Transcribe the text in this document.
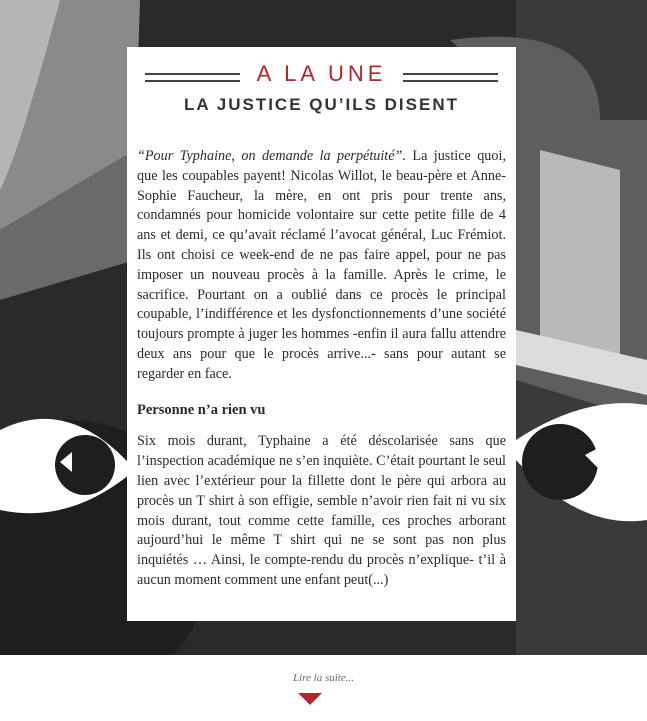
A LA UNE
LA JUSTICE QU’ILS DISENT

“Pour Typhaine, on demande la perpétuité”. La justice quoi, que les coupables payent! Nicolas Willot, le beau-père et Anne-Sophie Faucheur, la mère, en ont pris pour trente ans, condamnés pour homicide volontaire sur cette petite fille de 4 ans et demi, ce qu’avait réclamé l’avocat général, Luc Frémiot. Ils ont choisi ce week-end de ne pas faire appel, pour ne pas imposer un nouveau procès à la famille. Après le crime, le sacrifice. Pourtant on a oublié dans ce procès le principal coupable, l’indifférence et les dysfonctionnements d’une société toujours prompte à juger les hommes -enfin il aura fallu attendre deux ans pour que le procès arrive...- sans pour autant se regarder en face.

Personne n’a rien vu

Six mois durant, Typhaine a été déscolarisée sans que l’inspection académique ne s’en inquiète. C’était pourtant le seul lien avec l’extérieur pour la fillette dont le père qui arbora au procès un T shirt à son effigie, semble n’avoir rien fait ni vu six mois durant, tout comme cette famille, ces proches arborant aujourd’hui le même T shirt qui ne se sont pas non plus inquiétés … Ainsi, le compte-rendu du procès n’explique- t’il à aucun moment comment une enfant peut(...)

Lire la suite...
